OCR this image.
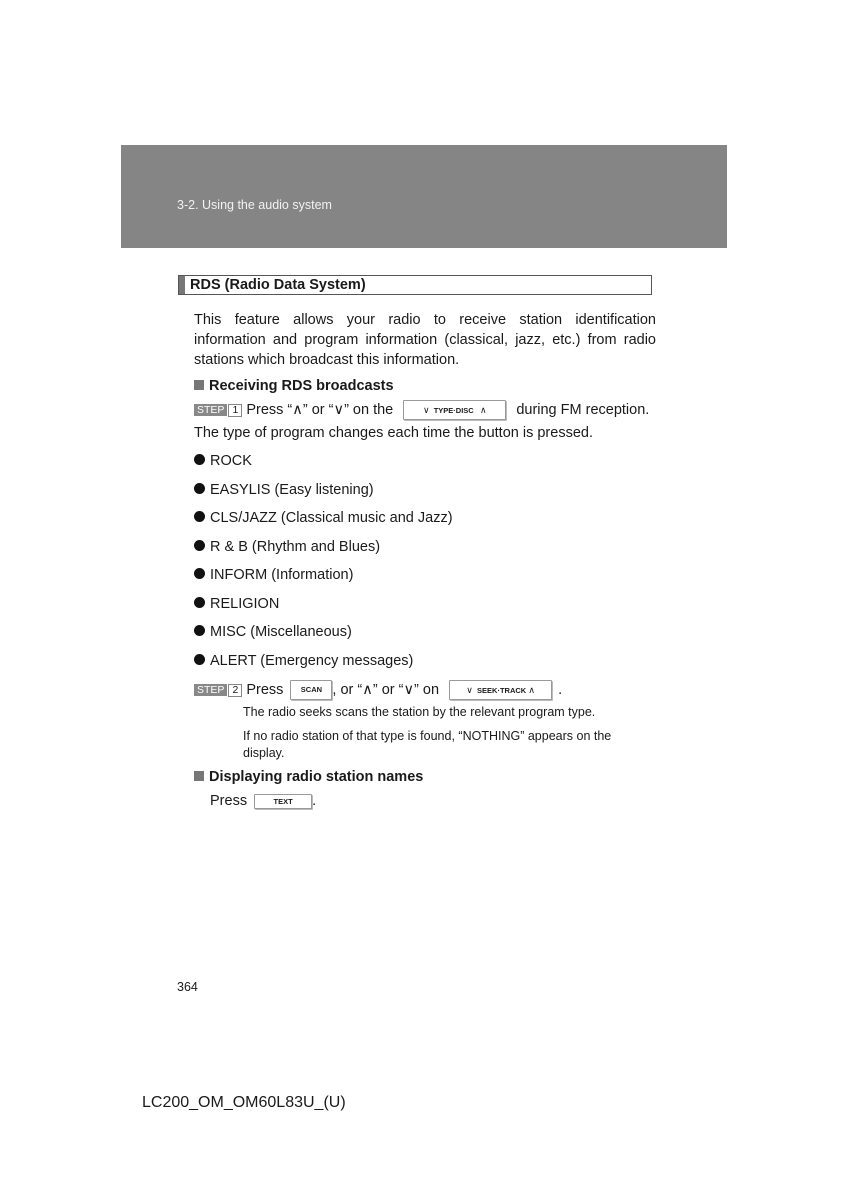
3-2. Using the audio system
RDS (Radio Data System)
This feature allows your radio to receive station identification information and program information (classical, jazz, etc.) from radio stations which broadcast this information.
Receiving RDS broadcasts
STEP 1 Press “∧” or “∨” on the	∨ TYPE·DISC ∧ during FM reception.
The type of program changes each time the button is pressed.
ROCK
EASYLIS (Easy listening)
CLS/JAZZ (Classical music and Jazz)
R & B (Rhythm and Blues)
INFORM (Information)
RELIGION
MISC (Miscellaneous)
ALERT (Emergency messages)
STEP 2 Press SCAN , or “∧” or “∨” on	∨ SEEK·TRACK ∧ .
The radio seeks scans the station by the relevant program type.
If no radio station of that type is found, “NOTHING” appears on the display.
Displaying radio station names
Press	TEXT .
364
LC200_OM_OM60L83U_(U)
